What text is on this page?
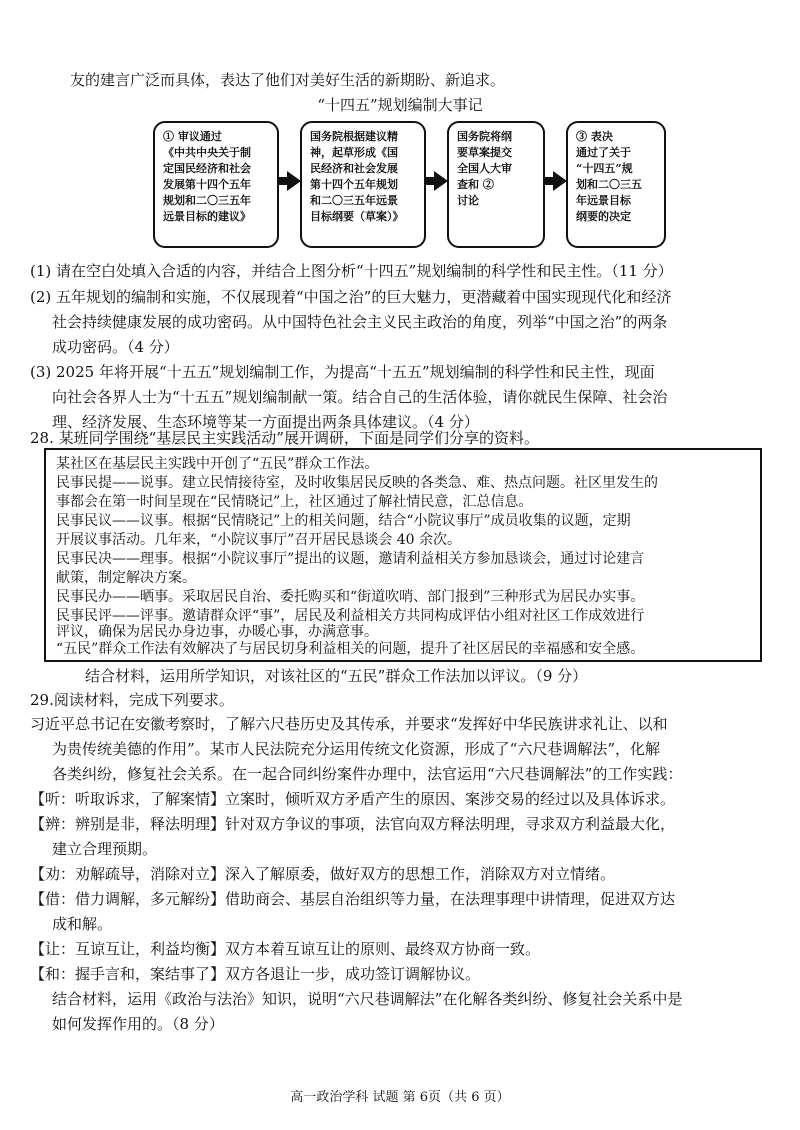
友的建言广泛而具体，表达了他们对美好生活的新期盼、新追求。
“十四五”规划编制大事记
① 审议通过
《中共中央关于制
定国民经济和社会
发展第十四个五年
规划和二〇三五年
远景目标的建议》
国务院根据建议精
神，起草形成《国
民经济和社会发展
第十四个五年规划
和二〇三五年远景
目标纲要（草案）》
国务院将纲
要草案提交
全国人大审
查和 ②
讨论
③ 表决
通过了关于
“十四五”规
划和二〇三五
年远景目标
纲要的决定
(1) 请在空白处填入合适的内容，并结合上图分析“十四五”规划编制的科学性和民主性。（11 分）
(2) 五年规划的编制和实施，不仅展现着“中国之治”的巨大魅力，更潜藏着中国实现现代化和经济
社会持续健康发展的成功密码。从中国特色社会主义民主政治的角度，列举“中国之治”的两条
成功密码。（4 分）
(3) 2025 年将开展“十五五”规划编制工作，为提高“十五五”规划编制的科学性和民主性，现面
向社会各界人士为“十五五”规划编制献一策。结合自己的生活体验，请你就民生保障、社会治
理、经济发展、生态环境等某一方面提出两条具体建议。（4 分）
28. 某班同学围绕“基层民主实践活动”展开调研，下面是同学们分享的资料。
某社区在基层民主实践中开创了“五民”群众工作法。
民事民提——说事。建立民情接待室，及时收集居民反映的各类急、难、热点问题。社区里发生的
事都会在第一时间呈现在“民情晓记”上，社区通过了解社情民意，汇总信息。
民事民议——议事。根据“民情晓记”上的相关问题，结合“小院议事厅”成员收集的议题，定期
开展议事活动。几年来，“小院议事厅”召开居民恳谈会 40 余次。
民事民决——理事。根据“小院议事厅”提出的议题，邀请利益相关方参加恳谈会，通过讨论建言
献策，制定解决方案。
民事民办——晒事。采取居民自治、委托购买和“街道吹哨、部门报到”三种形式为居民办实事。
民事民评——评事。邀请群众评“事”，居民及利益相关方共同构成评估小组对社区工作成效进行
评议，确保为居民办身边事，办暖心事，办满意事。
“五民”群众工作法有效解决了与居民切身利益相关的问题，提升了社区居民的幸福感和安全感。
结合材料，运用所学知识，对该社区的“五民”群众工作法加以评议。（9 分）
29.阅读材料，完成下列要求。
习近平总书记在安徽考察时，了解六尺巷历史及其传承，并要求“发挥好中华民族讲求礼让、以和
为贵传统美德的作用”。某市人民法院充分运用传统文化资源，形成了“六尺巷调解法”，化解
各类纠纷，修复社会关系。在一起合同纠纷案件办理中，法官运用“六尺巷调解法”的工作实践：
【听：听取诉求，了解案情】立案时，倾听双方矛盾产生的原因、案涉交易的经过以及具体诉求。
【辨：辨别是非，释法明理】针对双方争议的事项，法官向双方释法明理，寻求双方利益最大化，
建立合理预期。
【劝：劝解疏导，消除对立】深入了解原委，做好双方的思想工作，消除双方对立情绪。
【借：借力调解，多元解纷】借助商会、基层自治组织等力量，在法理事理中讲情理，促进双方达
成和解。
【让：互谅互让，利益均衡】双方本着互谅互让的原则、最终双方协商一致。
【和：握手言和，案结事了】双方各退让一步，成功签订调解协议。
结合材料，运用《政治与法治》知识，说明“六尺巷调解法”在化解各类纠纷、修复社会关系中是
如何发挥作用的。（8 分）
高一政治学科 试题 第 6页（共 6 页）
